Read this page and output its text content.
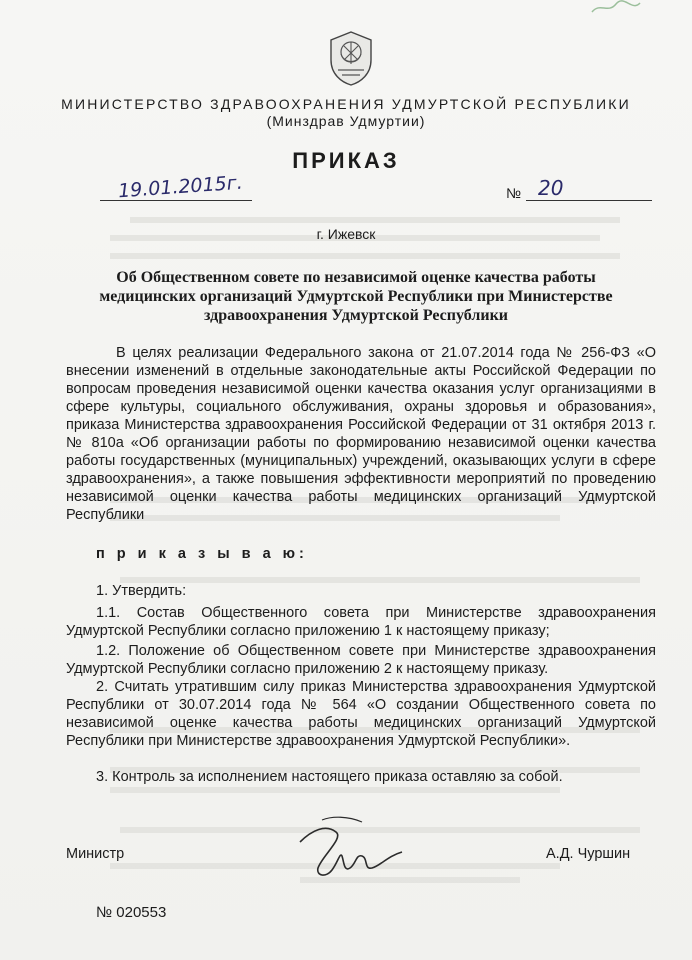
МИНИСТЕРСТВО ЗДРАВООХРАНЕНИЯ УДМУРТСКОЙ РЕСПУБЛИКИ
(Минздрав Удмуртии)
ПРИКАЗ
19.01.2015г.	№ 20
г. Ижевск
Об Общественном совете по независимой оценке качества работы медицинских организаций Удмуртской Республики при Министерстве здравоохранения Удмуртской Республики
В целях реализации Федерального закона от 21.07.2014 года № 256-ФЗ «О внесении изменений в отдельные законодательные акты Российской Федерации по вопросам проведения независимой оценки качества оказания услуг организациями в сфере культуры, социального обслуживания, охраны здоровья и образования», приказа Министерства здравоохранения Российской Федерации от 31 октября 2013 г. № 810а «Об организации работы по формированию независимой оценки качества работы государственных (муниципальных) учреждений, оказывающих услуги в сфере здравоохранения», а также повышения эффективности мероприятий по проведению независимой оценки качества работы медицинских организаций Удмуртской Республики
п р и к а з ы в а ю:
1. Утвердить:
1.1. Состав Общественного совета при Министерстве здравоохранения Удмуртской Республики согласно приложению 1 к настоящему приказу;
1.2. Положение об Общественном совете при Министерстве здравоохранения Удмуртской Республики согласно приложению 2 к настоящему приказу.
2. Считать утратившим силу приказ Министерства здравоохранения Удмуртской Республики от 30.07.2014 года № 564 «О создании Общественного совета по независимой оценке качества работы медицинских организаций Удмуртской Республики при Министерстве здравоохранения Удмуртской Республики».
3. Контроль за исполнением настоящего приказа оставляю за собой.
Министр	А.Д. Чуршин
№ 020553
